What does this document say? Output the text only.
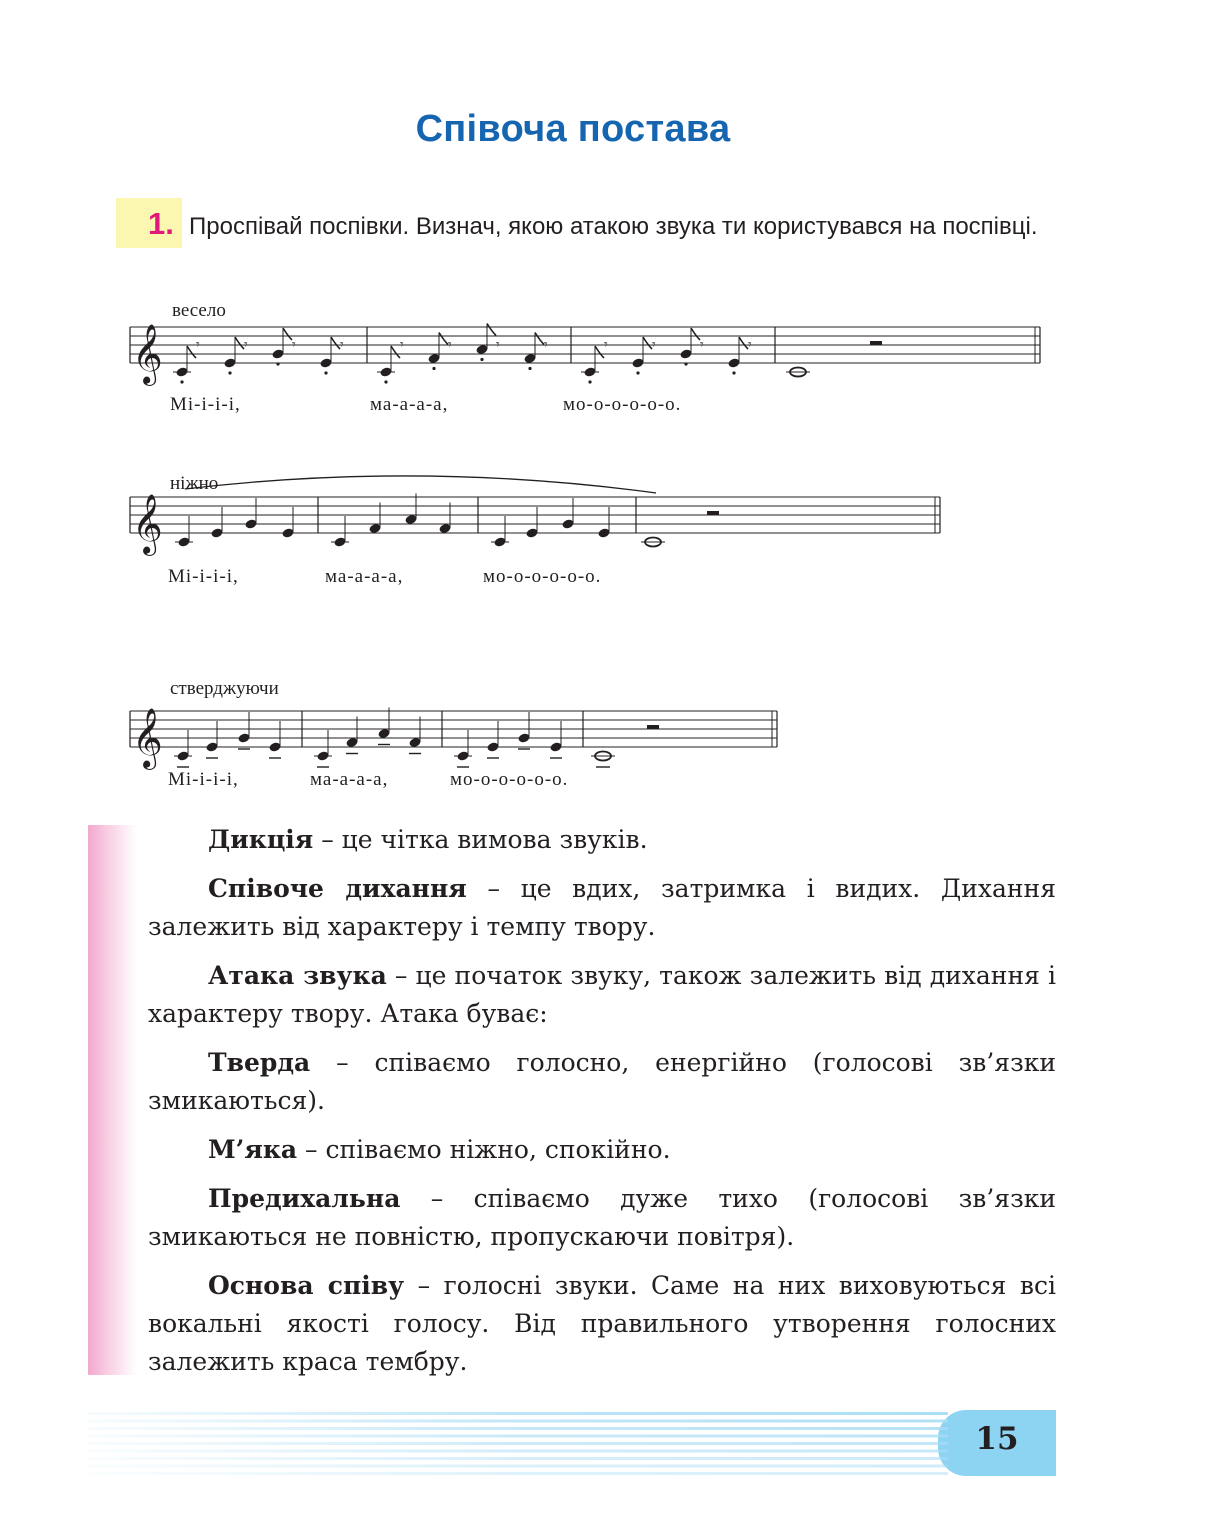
Співоча постава
Проспівай поспівки. Визнач, якою атакою звука ти користувався на поспівці.
1.
весело
ніжно
стверджуючи
𝄞 𝄾	𝄾	𝄾	𝄾	𝄾	𝄾	𝄾	𝄾	𝄾	𝄾	𝄾	𝄾
Мі-і-і-і,	ма-а-а-а,	мо-о-о-о-о-о.
𝄞
Мі-і-і-і,	ма-а-а-а,	мо-о-о-о-о-о.
𝄞
Мі-і-і-і,	ма-а-а-а,	мо-о-о-о-о-о.

Дикція – це чітка вимова звуків.

Співоче дихання – це вдих, затримка і видих. Дихання залежить від характеру і темпу твору.

Атака звука – це початок звуку, також залежить від дихання і характеру твору. Атака буває:

Тверда – співаємо голосно, енергійно (голосові зв’язки змикаються).

М’яка – співаємо ніжно, спокійно.

Предихальна – співаємо дуже тихо (голосові зв’язки змикаються не повністю, пропускаючи повітря).

Основа співу – голосні звуки. Саме на них виховуються всі вокальні якості голосу. Від правильного утворення голосних залежить краса тембру.

15
